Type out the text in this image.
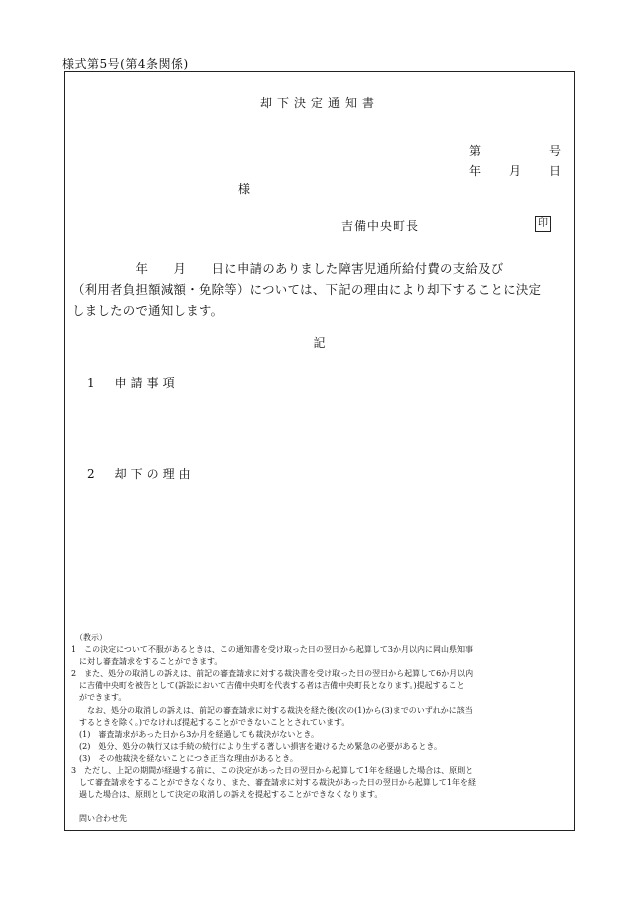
様式第5号(第4条関係)
却下決定通知書
第	号
年 月 日
様
吉備中央町長	印
　　　　　年　　月　　日に申請のありました障害児通所給付費の支給及び
（利用者負担額減額・免除等）については、下記の理由により却下することに決定
しましたので通知します。
記
1　申請事項
2　却下の理由
　（教示）
1　この決定について不服があるときは、この通知書を受け取った日の翌日から起算して3か月以内に岡山県知事
　に対し審査請求をすることができます。
2　また、処分の取消しの訴えは、前記の審査請求に対する裁決書を受け取った日の翌日から起算して6か月以内
　に吉備中央町を被告として(訴訟において吉備中央町を代表する者は吉備中央町長となります。)提起すること
　ができます。
　　なお、処分の取消しの訴えは、前記の審査請求に対する裁決を経た後(次の(1)から(3)までのいずれかに該当
　するときを除く。)でなければ提起することができないこととされています。
　(1)　審査請求があった日から3か月を経過しても裁決がないとき。
　(2)　処分、処分の執行又は手続の続行により生ずる著しい損害を避けるため緊急の必要があるとき。
　(3)　その他裁決を経ないことにつき正当な理由があるとき。
3　ただし、上記の期間が経過する前に、この決定があった日の翌日から起算して1年を経過した場合は、原則と
　して審査請求をすることができなくなり、また、審査請求に対する裁決があった日の翌日から起算して1年を経
　過した場合は、原則として決定の取消しの訴えを提起することができなくなります。

　問い合わせ先
